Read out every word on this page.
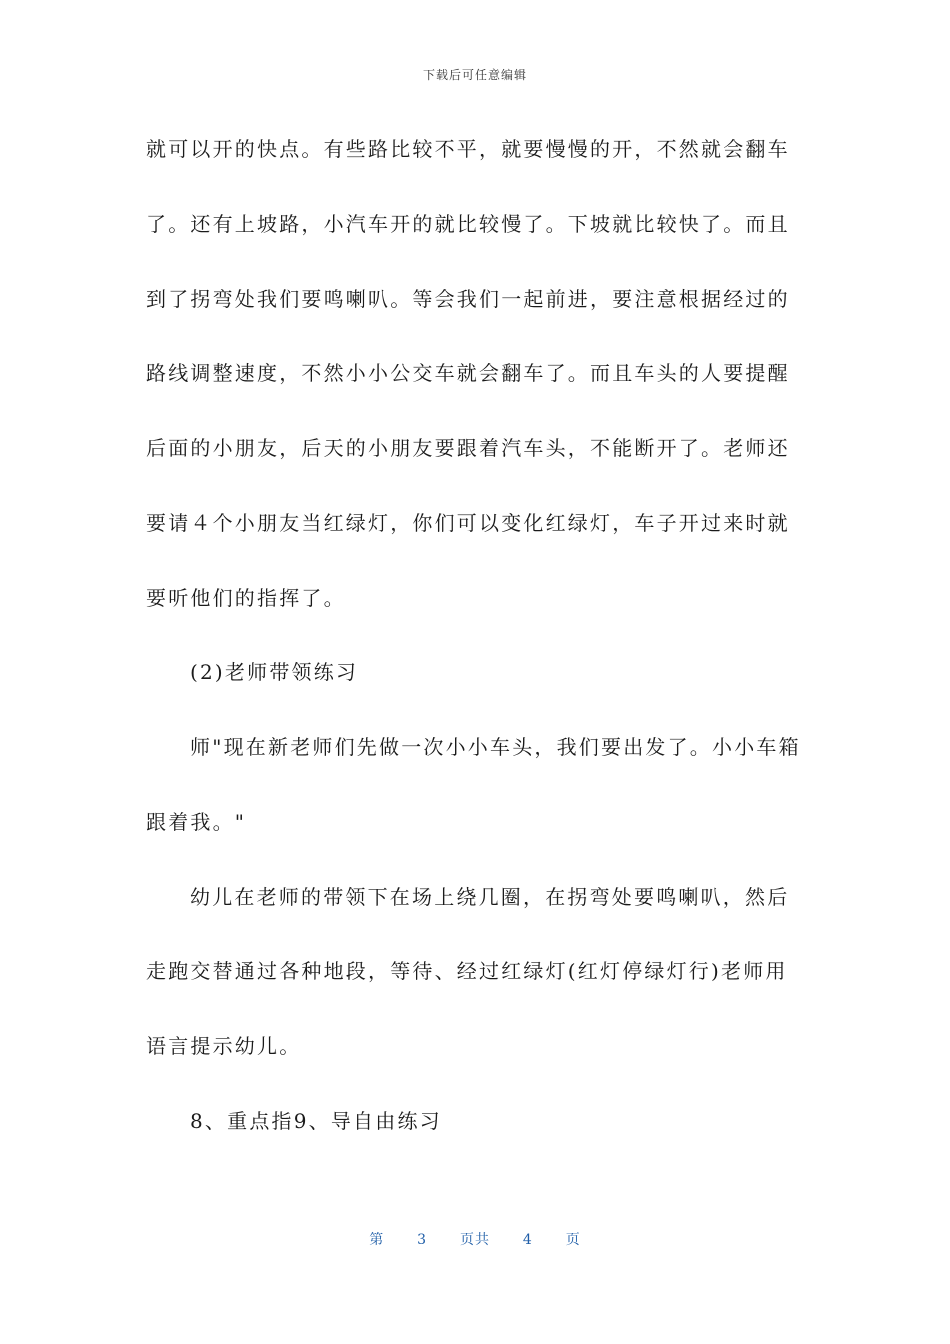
下载后可任意编辑

就可以开的快点。有些路比较不平，就要慢慢的开，不然就会翻车

了。还有上坡路，小汽车开的就比较慢了。下坡就比较快了。而且

到了拐弯处我们要鸣喇叭。等会我们一起前进，要注意根据经过的

路线调整速度，不然小小公交车就会翻车了。而且车头的人要提醒

后面的小朋友，后天的小朋友要跟着汽车头，不能断开了。老师还

要请４个小朋友当红绿灯，你们可以变化红绿灯，车子开过来时就

要听他们的指挥了。

(2)老师带领练习

师"现在新老师们先做一次小小车头，我们要出发了。小小车箱

跟着我。"

幼儿在老师的带领下在场上绕几圈，在拐弯处要鸣喇叭，然后

走跑交替通过各种地段，等待、经过红绿灯(红灯停绿灯行)老师用

语言提示幼儿。

8、重点指9、导自由练习

第 3 页共 4 页
